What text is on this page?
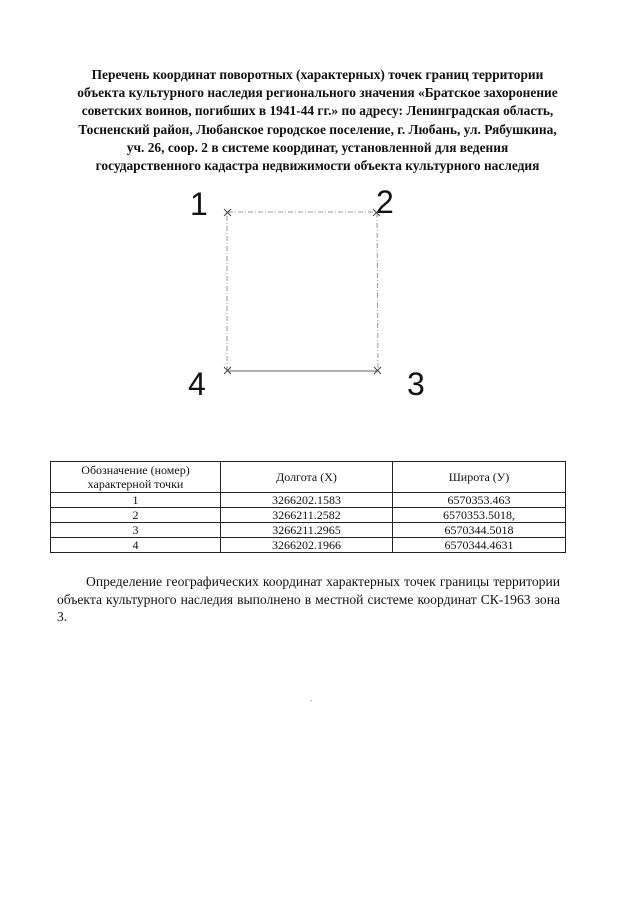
Перечень координат поворотных (характерных) точек границ территории
объекта культурного наследия регионального значения «Братское захоронение
советских воинов, погибших в 1941-44 гг.» по адресу: Ленинградская область,
Тосненский район, Любанское городское поселение, г. Любань, ул. Рябушкина,
уч. 26, соор. 2 в системе координат, установленной для ведения
государственного кадастра недвижимости объекта культурного наследия
1	2
3
4
Обозначение (номер) характерной точки	Долгота (X)	Широта (У)
1	3266202.1583	6570353.463
2	3266211.2582	6570353.5018,
3	3266211.2965	6570344.5018
4	3266202.1966	6570344.4631

Определение географических координат характерных точек границы территории объекта культурного наследия выполнено в местной системе координат СК-1963 зона 3.
